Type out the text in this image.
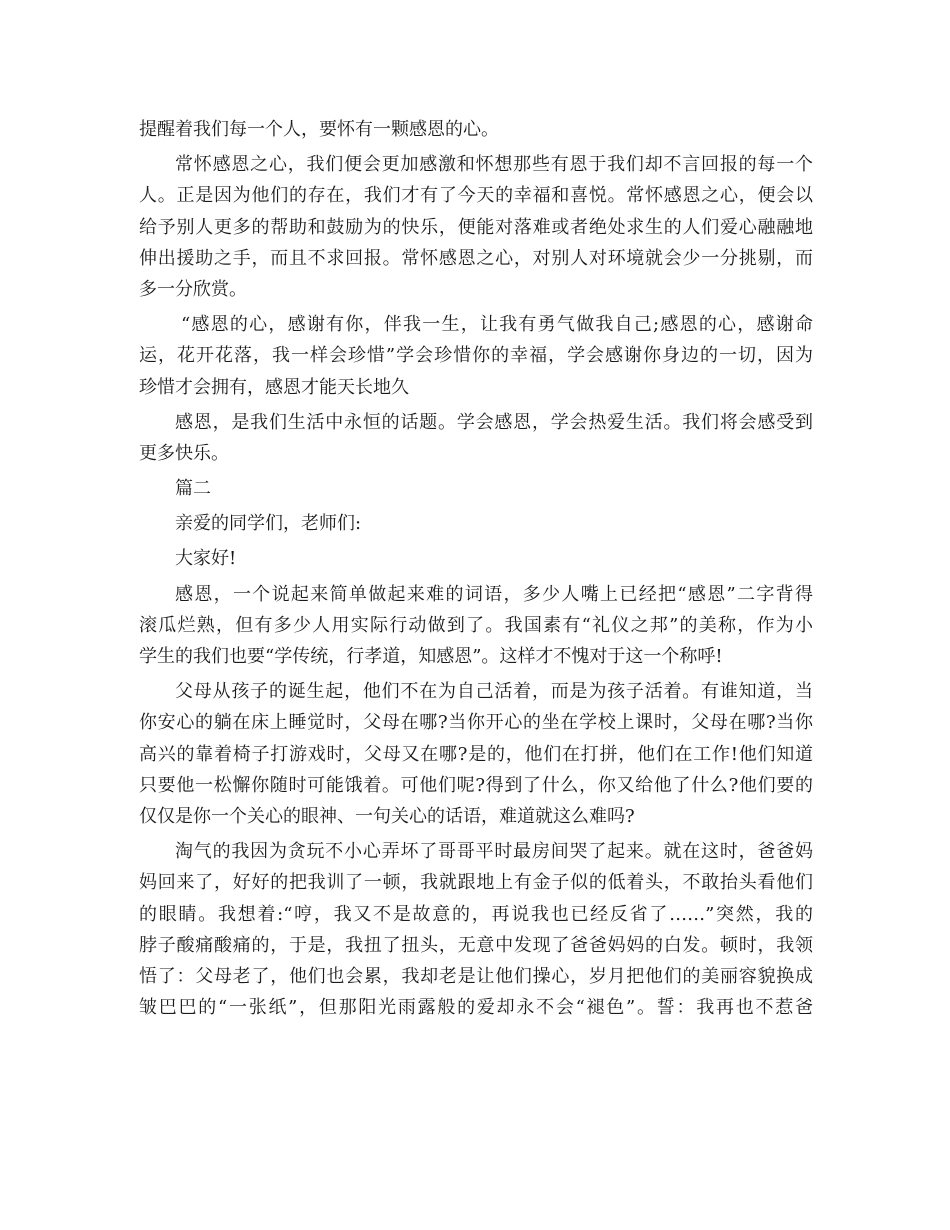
提醒着我们每一个人，要怀有一颗感恩的心。
常怀感恩之心，我们便会更加感激和怀想那些有恩于我们却不言回报的每一个
人。正是因为他们的存在，我们才有了今天的幸福和喜悦。常怀感恩之心，便会以
给予别人更多的帮助和鼓励为的快乐，便能对落难或者绝处求生的人们爱心融融地
伸出援助之手，而且不求回报。常怀感恩之心，对别人对环境就会少一分挑剔，而
多一分欣赏。
“感恩的心，感谢有你，伴我一生，让我有勇气做我自己;感恩的心，感谢命
运，花开花落，我一样会珍惜”学会珍惜你的幸福，学会感谢你身边的一切，因为
珍惜才会拥有，感恩才能天长地久
感恩，是我们生活中永恒的话题。学会感恩，学会热爱生活。我们将会感受到
更多快乐。
篇二
亲爱的同学们，老师们:
大家好!
感恩，一个说起来简单做起来难的词语，多少人嘴上已经把“感恩”二字背得
滚瓜烂熟，但有多少人用实际行动做到了。我国素有“礼仪之邦”的美称，作为小
学生的我们也要“学传统，行孝道，知感恩”。这样才不愧对于这一个称呼!
父母从孩子的诞生起，他们不在为自己活着，而是为孩子活着。有谁知道，当
你安心的躺在床上睡觉时，父母在哪?当你开心的坐在学校上课时，父母在哪?当你
高兴的靠着椅子打游戏时，父母又在哪?是的，他们在打拼，他们在工作!他们知道
只要他一松懈你随时可能饿着。可他们呢?得到了什么，你又给他了什么?他们要的
仅仅是你一个关心的眼神、一句关心的话语，难道就这么难吗?
淘气的我因为贪玩不小心弄坏了哥哥平时最房间哭了起来。就在这时，爸爸妈
妈回来了，好好的把我训了一顿，我就跟地上有金子似的低着头，不敢抬头看他们
的眼睛。我想着:“哼，我又不是故意的，再说我也已经反省了……”突然，我的
脖子酸痛酸痛的，于是，我扭了扭头，无意中发现了爸爸妈妈的白发。顿时，我领
悟了：父母老了，他们也会累，我却老是让他们操心，岁月把他们的美丽容貌换成
皱巴巴的“一张纸”，但那阳光雨露般的爱却永不会“褪色”。誓：我再也不惹爸
